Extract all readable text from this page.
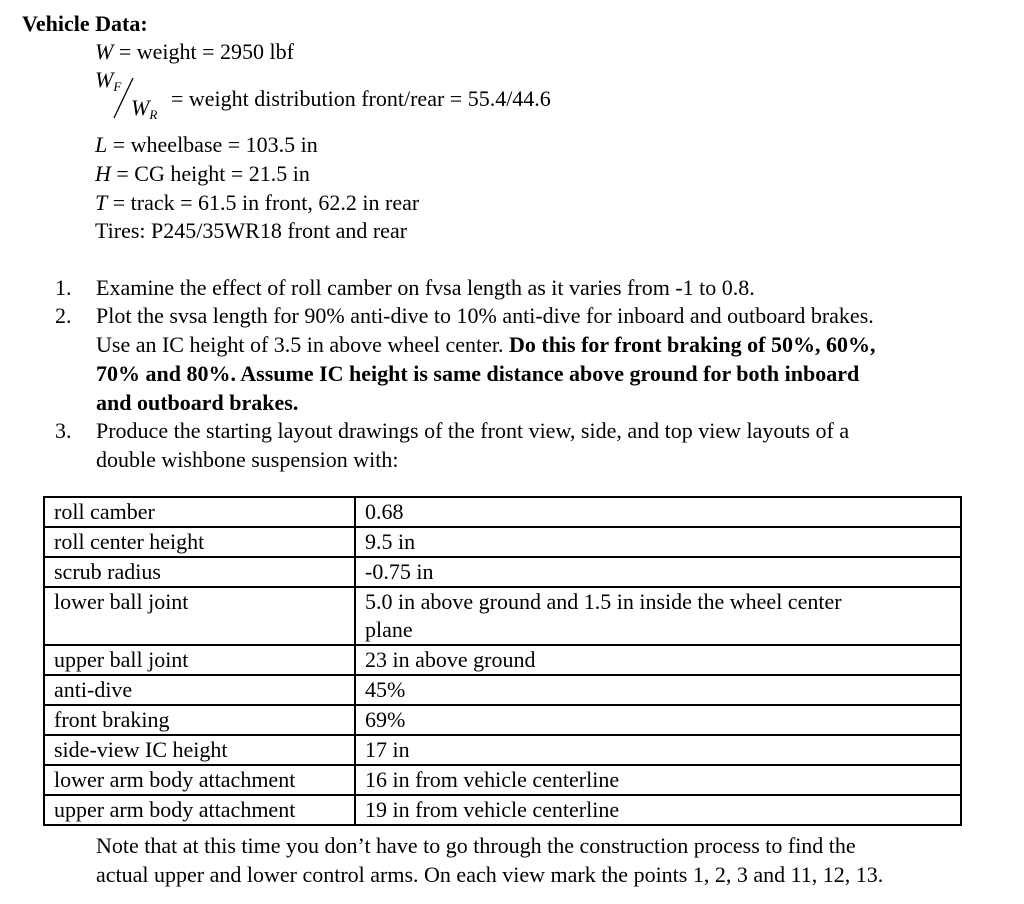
Vehicle Data:
W = weight = 2950 lbf
$W_F$
$W_R$
= weight distribution front/rear = 55.4/44.6
L = wheelbase = 103.5 in
H = CG height = 21.5 in
T = track = 61.5 in front, 62.2 in rear
Tires: P245/35WR18 front and rear
1. Examine the effect of roll camber on fvsa length as it varies from -1 to 0.8.
2. Plot the svsa length for 90% anti-dive to 10% anti-dive for inboard and outboard brakes.
Use an IC height of 3.5 in above wheel center. Do this for front braking of 50%, 60%,
70% and 80%. Assume IC height is same distance above ground for both inboard
and outboard brakes.
3. Produce the starting layout drawings of the front view, side, and top view layouts of a
double wishbone suspension with:
roll camber	0.68
roll center height	9.5 in
scrub radius	-0.75 in
lower ball joint	5.0 in above ground and 1.5 in inside the wheel center
plane

upper ball joint	23 in above ground
anti-dive	45%
front braking	69%
side-view IC height	17 in
lower arm body attachment	16 in from vehicle centerline
upper arm body attachment	19 in from vehicle centerline
Note that at this time you don’t have to go through the construction process to find the
actual upper and lower control arms. On each view mark the points 1, 2, 3 and 11, 12, 13.
